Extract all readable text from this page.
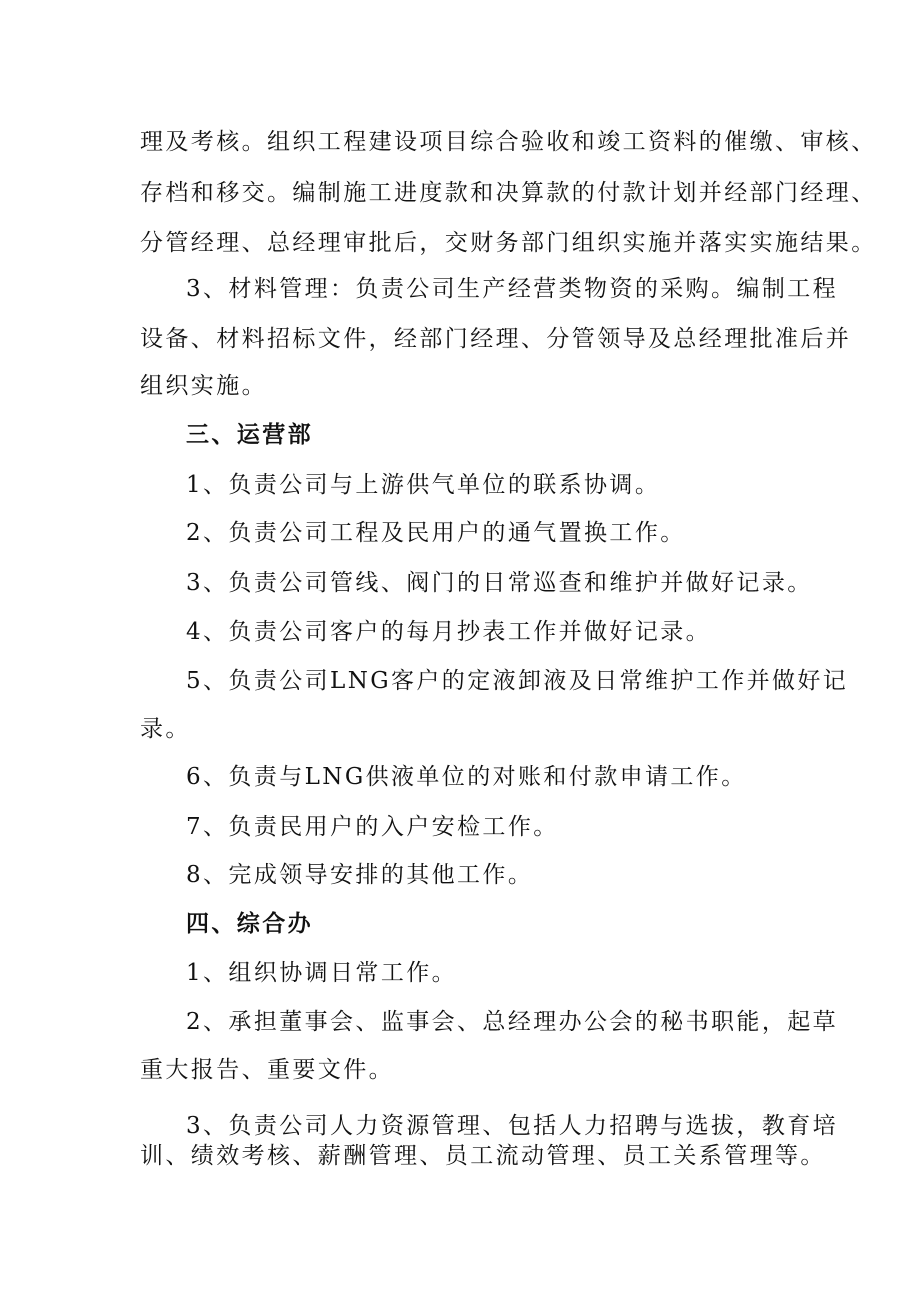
理及考核。组织工程建设项目综合验收和竣工资料的催缴、审核、
存档和移交。编制施工进度款和决算款的付款计划并经部门经理、
分管经理、总经理审批后，交财务部门组织实施并落实实施结果。
3、材料管理：负责公司生产经营类物资的采购。编制工程
设备、材料招标文件，经部门经理、分管领导及总经理批准后并
组织实施。
三、运营部
1、负责公司与上游供气单位的联系协调。
2、负责公司工程及民用户的通气置换工作。
3、负责公司管线、阀门的日常巡查和维护并做好记录。
4、负责公司客户的每月抄表工作并做好记录。
5、负责公司LNG客户的定液卸液及日常维护工作并做好记
录。
6、负责与LNG供液单位的对账和付款申请工作。
7、负责民用户的入户安检工作。
8、完成领导安排的其他工作。
四、综合办
1、组织协调日常工作。
2、承担董事会、监事会、总经理办公会的秘书职能，起草
重大报告、重要文件。
3、负责公司人力资源管理、包括人力招聘与选拔，教育培
训、绩效考核、薪酬管理、员工流动管理、员工关系管理等。
